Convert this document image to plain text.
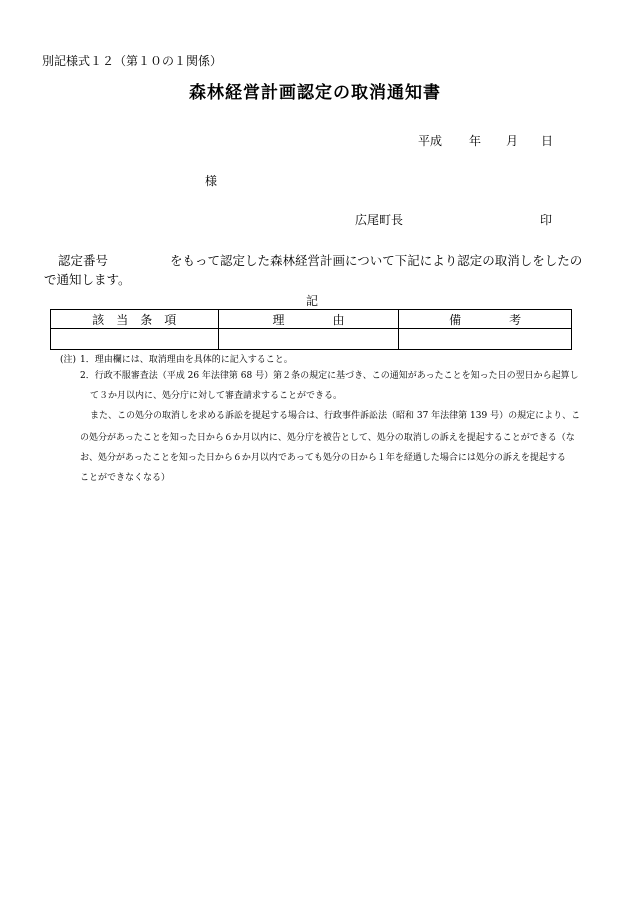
別記様式１２（第１０の１関係）
森林経営計画認定の取消通知書
平成 年 月 日
様
広尾町長	印
認定番号	をもって認定した森林経営計画について下記により認定の取消しをしたの
で通知します。
記
該　当　条　項	理　　　　由	備　　　　考

(注) 1．理由欄には、取消理由を具体的に記入すること。
2．行政不服審査法（平成 26 年法律第 68 号）第２条の規定に基づき、この通知があったことを知った日の翌日から起算し
て３か月以内に、処分庁に対して審査請求することができる。
また、この処分の取消しを求める訴訟を提起する場合は、行政事件訴訟法（昭和 37 年法律第 139 号）の規定により、こ
の処分があったことを知った日から６か月以内に、処分庁を被告として、処分の取消しの訴えを提起することができる（な
お、処分があったことを知った日から６か月以内であっても処分の日から１年を経過した場合には処分の訴えを提起する
ことができなくなる）
